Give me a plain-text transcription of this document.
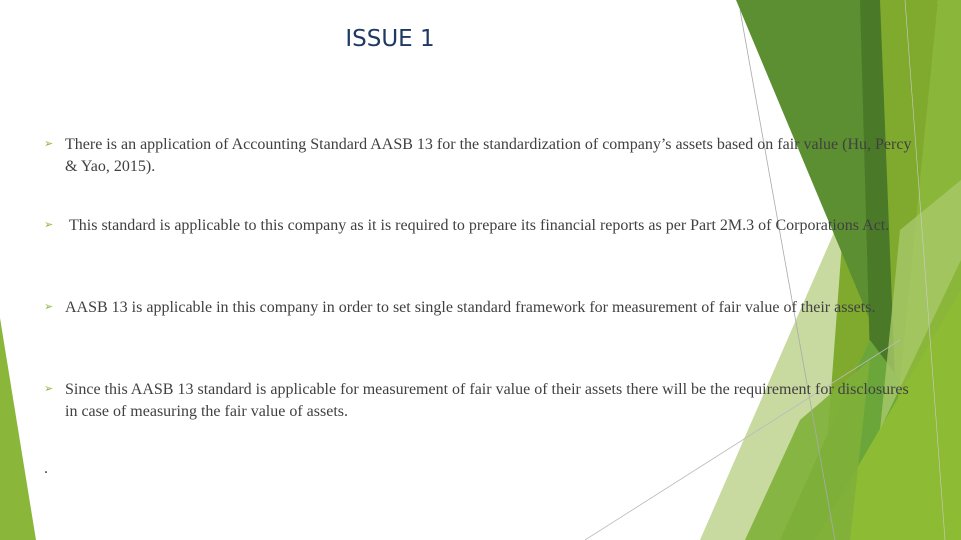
ISSUE 1
➢ There is an application of Accounting Standard AASB 13 for the standardization of company’s assets based on fair value (Hu, Percy & Yao, 2015).
➢ This standard is applicable to this company as it is required to prepare its financial reports as per Part 2M.3 of Corporations Act.
➢ AASB 13 is applicable in this company in order to set single standard framework for measurement of fair value of their assets.
➢ Since this AASB 13 standard is applicable for measurement of fair value of their assets there will be the requirement for disclosures in case of measuring the fair value of assets.
.
